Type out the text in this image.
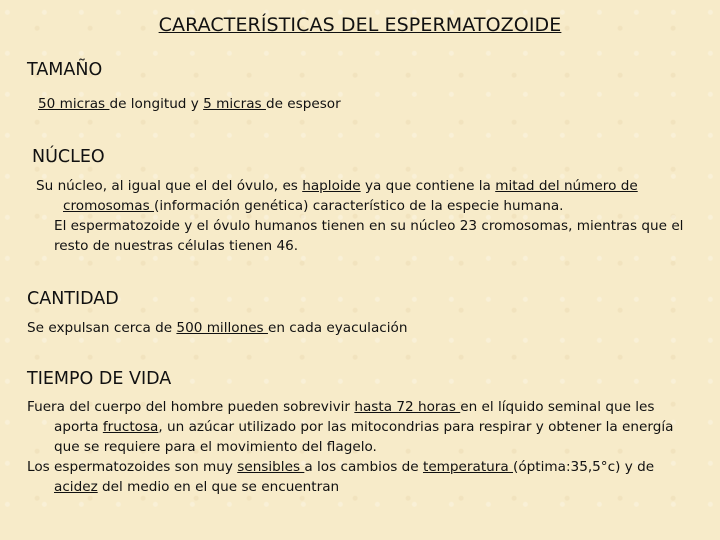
CARACTERÍSTICAS DEL ESPERMATOZOIDE
TAMAÑO
50 micras de longitud y 5 micras de espesor
NÚCLEO

Su núcleo, al igual que el del óvulo, es haploide ya que contiene la mitad del número de cromosomas (información genética) característico de la especie humana.

El espermatozoide y el óvulo humanos tienen en su núcleo 23 cromosomas, mientras que el resto de nuestras células tienen 46.

CANTIDAD
Se expulsan cerca de 500 millones en cada eyaculación
TIEMPO DE VIDA

Fuera del cuerpo del hombre pueden sobrevivir hasta 72 horas en el líquido seminal que les aporta fructosa, un azúcar utilizado por las mitocondrias para respirar y obtener la energía que se requiere para el movimiento del flagelo.

Los espermatozoides son muy sensibles a los cambios de temperatura (óptima:35,5°c) y de acidez del medio en el que se encuentran
